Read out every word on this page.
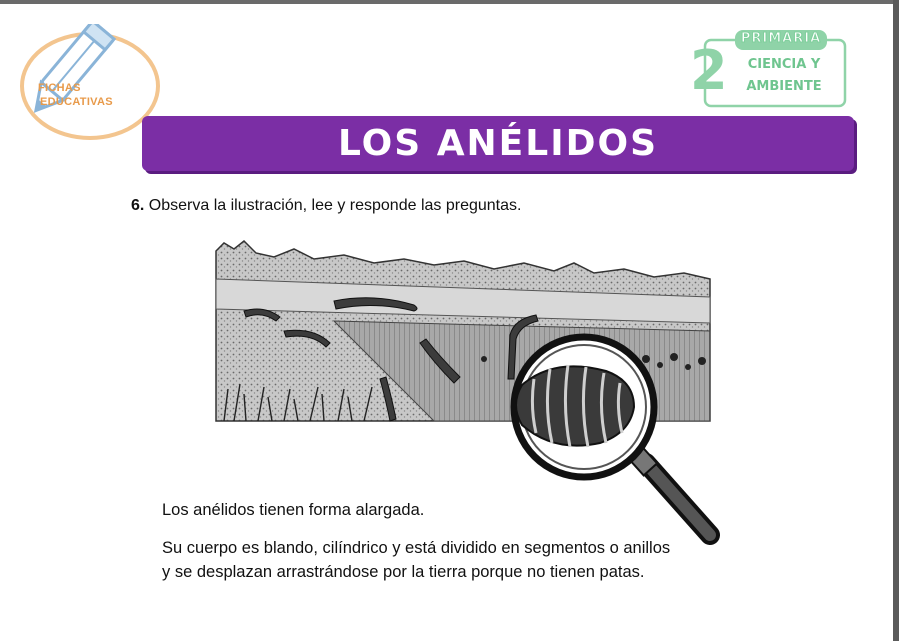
FICHAS
EDUCATIVAS	2
PRIMARIA
CIENCIA Y
AMBIENTE
LOS ANÉLIDOS
6. Observa la ilustración, lee y responde las preguntas.
Los anélidos tienen forma alargada.
Su cuerpo es blando, cilíndrico y está dividido en segmentos o anillos y se desplazan arrastrándose por la tierra porque no tienen patas.
